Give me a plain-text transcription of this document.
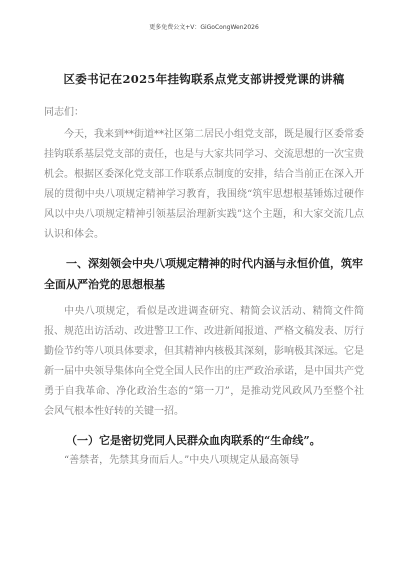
更多免费公文+V：GiGoCongWen2026
区委书记在2025年挂钩联系点党支部讲授党课的讲稿
同志们：
今天，我来到**街道**社区第二居民小组党支部，既是履行区委常委挂钩联系基层党支部的责任，也是与大家共同学习、交流思想的一次宝贵机会。根据区委深化党支部工作联系点制度的安排，结合当前正在深入开展的贯彻中央八项规定精神学习教育，我围绕“筑牢思想根基锤炼过硬作风以中央八项规定精神引领基层治理新实践”这个主题，和大家交流几点认识和体会。
一、深刻领会中央八项规定精神的时代内涵与永恒价值，筑牢全面从严治党的思想根基
中央八项规定，看似是改进调查研究、精简会议活动、精简文件简报、规范出访活动、改进警卫工作、改进新闻报道、严格文稿发表、厉行勤俭节约等八项具体要求，但其精神内核极其深刻，影响极其深远。它是新一届中央领导集体向全党全国人民作出的庄严政治承诺，是中国共产党勇于自我革命、净化政治生态的“第一刀”，是推动党风政风乃至整个社会风气根本性好转的关键一招。
（一）它是密切党同人民群众血肉联系的“生命线”。
“善禁者，先禁其身而后人。”中央八项规定从最高领导
